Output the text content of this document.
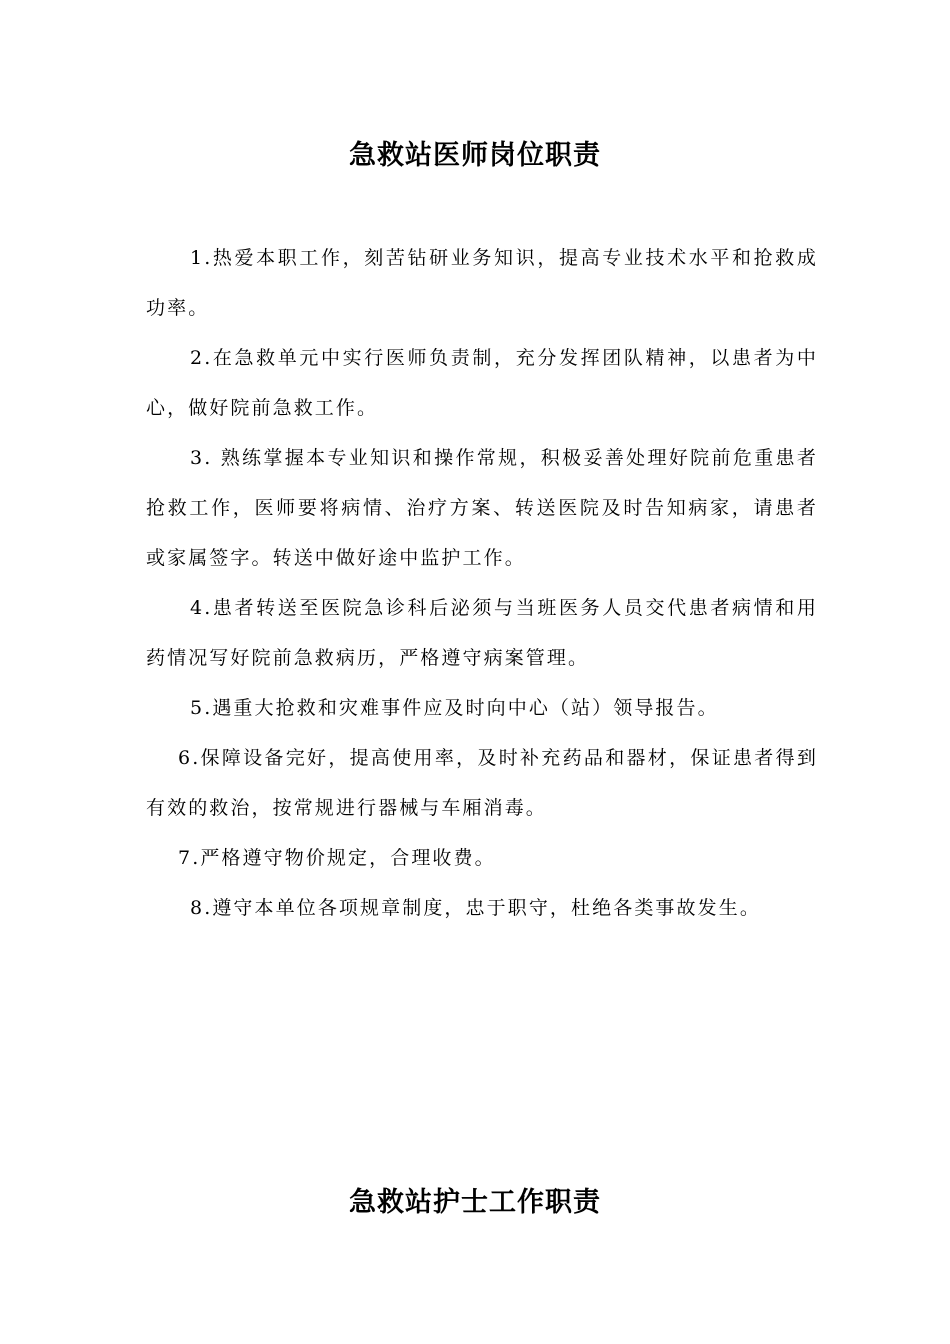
急救站医师岗位职责

1.热爱本职工作，刻苦钻研业务知识，提高专业技术水平和抢救成功率。

2.在急救单元中实行医师负责制，充分发挥团队精神，以患者为中心，做好院前急救工作。

3. 熟练掌握本专业知识和操作常规，积极妥善处理好院前危重患者抢救工作，医师要将病情、治疗方案、转送医院及时告知病家，请患者或家属签字。转送中做好途中监护工作。

4.患者转送至医院急诊科后泌须与当班医务人员交代患者病情和用药情况写好院前急救病历，严格遵守病案管理。

5.遇重大抢救和灾难事件应及时向中心（站）领导报告。

6.保障设备完好，提高使用率，及时补充药品和器材，保证患者得到有效的救治，按常规进行器械与车厢消毒。

7.严格遵守物价规定，合理收费。

8.遵守本单位各项规章制度，忠于职守，杜绝各类事故发生。

急救站护士工作职责
